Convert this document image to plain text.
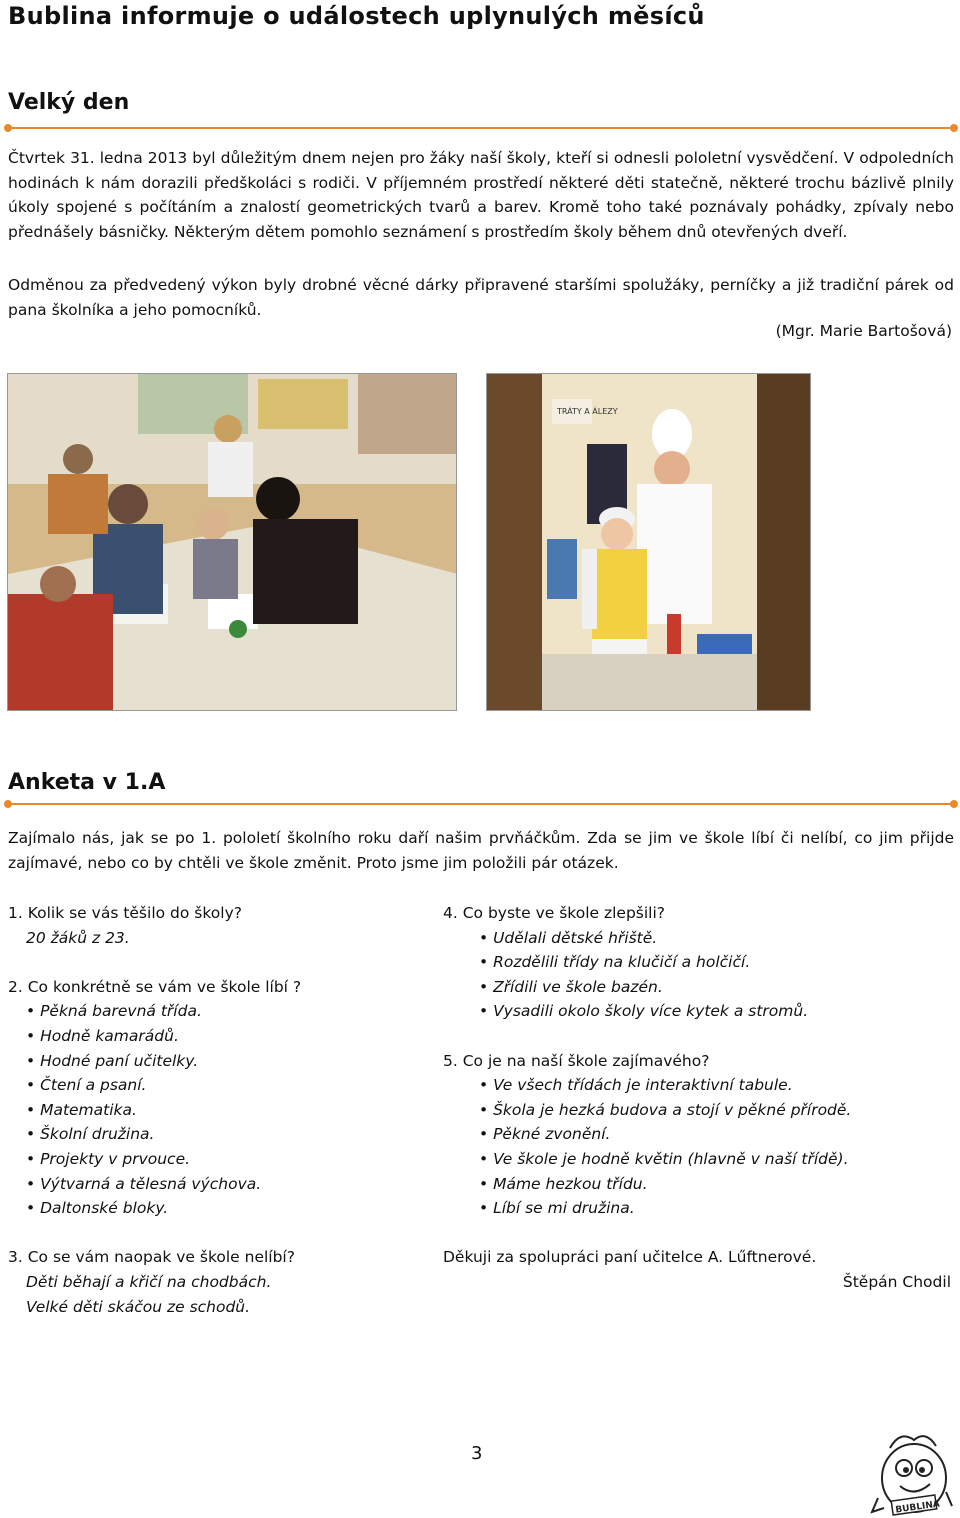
Bublina informuje o událostech uplynulých měsíců
Velký den
Čtvrtek 31. ledna 2013 byl důležitým dnem nejen pro žáky naší školy, kteří si odnesli pololetní vysvědčení. V odpoledních hodinách k nám dorazili předškoláci s rodiči. V příjemném prostředí některé děti statečně, některé trochu bázlivě plnily úkoly spojené s počítáním a znalostí geometrických tvarů a barev. Kromě toho také poznávaly pohádky, zpívaly nebo přednášely básničky. Některým dětem pomohlo seznámení s prostředím školy během dnů otevřených dveří.
Odměnou za předvedený výkon byly drobné věcné dárky připravené staršími spolužáky, perníčky a již tradiční párek od pana školníka a jeho pomocníků.
(Mgr. Marie Bartošová)
TRÁTY A ÁLEZY
Anketa v 1.A
Zajímalo nás, jak se po 1. pololetí školního roku daří našim prvňáčkům. Zda se jim ve škole líbí či nelíbí, co jim přijde zajímavé, nebo co by chtěli ve škole změnit. Proto jsme jim položili pár otázek.
1. Kolik se vás těšilo do školy?
20 žáků z 23.
2. Co konkrétně se vám ve škole líbí ?
• Pěkná barevná třída.
• Hodně kamarádů.
• Hodné paní učitelky.
• Čtení a psaní.
• Matematika.
• Školní družina.
• Projekty v prvouce.
• Výtvarná a tělesná výchova.
• Daltonské bloky.
3. Co se vám naopak ve škole nelíbí?
Děti běhají a křičí na chodbách.
Velké děti skáčou ze schodů.
4. Co byste ve škole zlepšili?
• Udělali dětské hřiště.
• Rozdělili třídy na klučičí a holčičí.
• Zřídili ve škole bazén.
• Vysadili okolo školy více kytek a stromů.
5. Co je na naší škole zajímavého?
• Ve všech třídách je interaktivní tabule.
• Škola je hezká budova a stojí v pěkné přírodě.
• Pěkné zvonění.
• Ve škole je hodně květin (hlavně v naší třídě).
• Máme hezkou třídu.
• Líbí se mi družina.
Děkuji za spolupráci paní učitelce A. Lűftnerové.
Štěpán Chodil
3
BUBLINA
